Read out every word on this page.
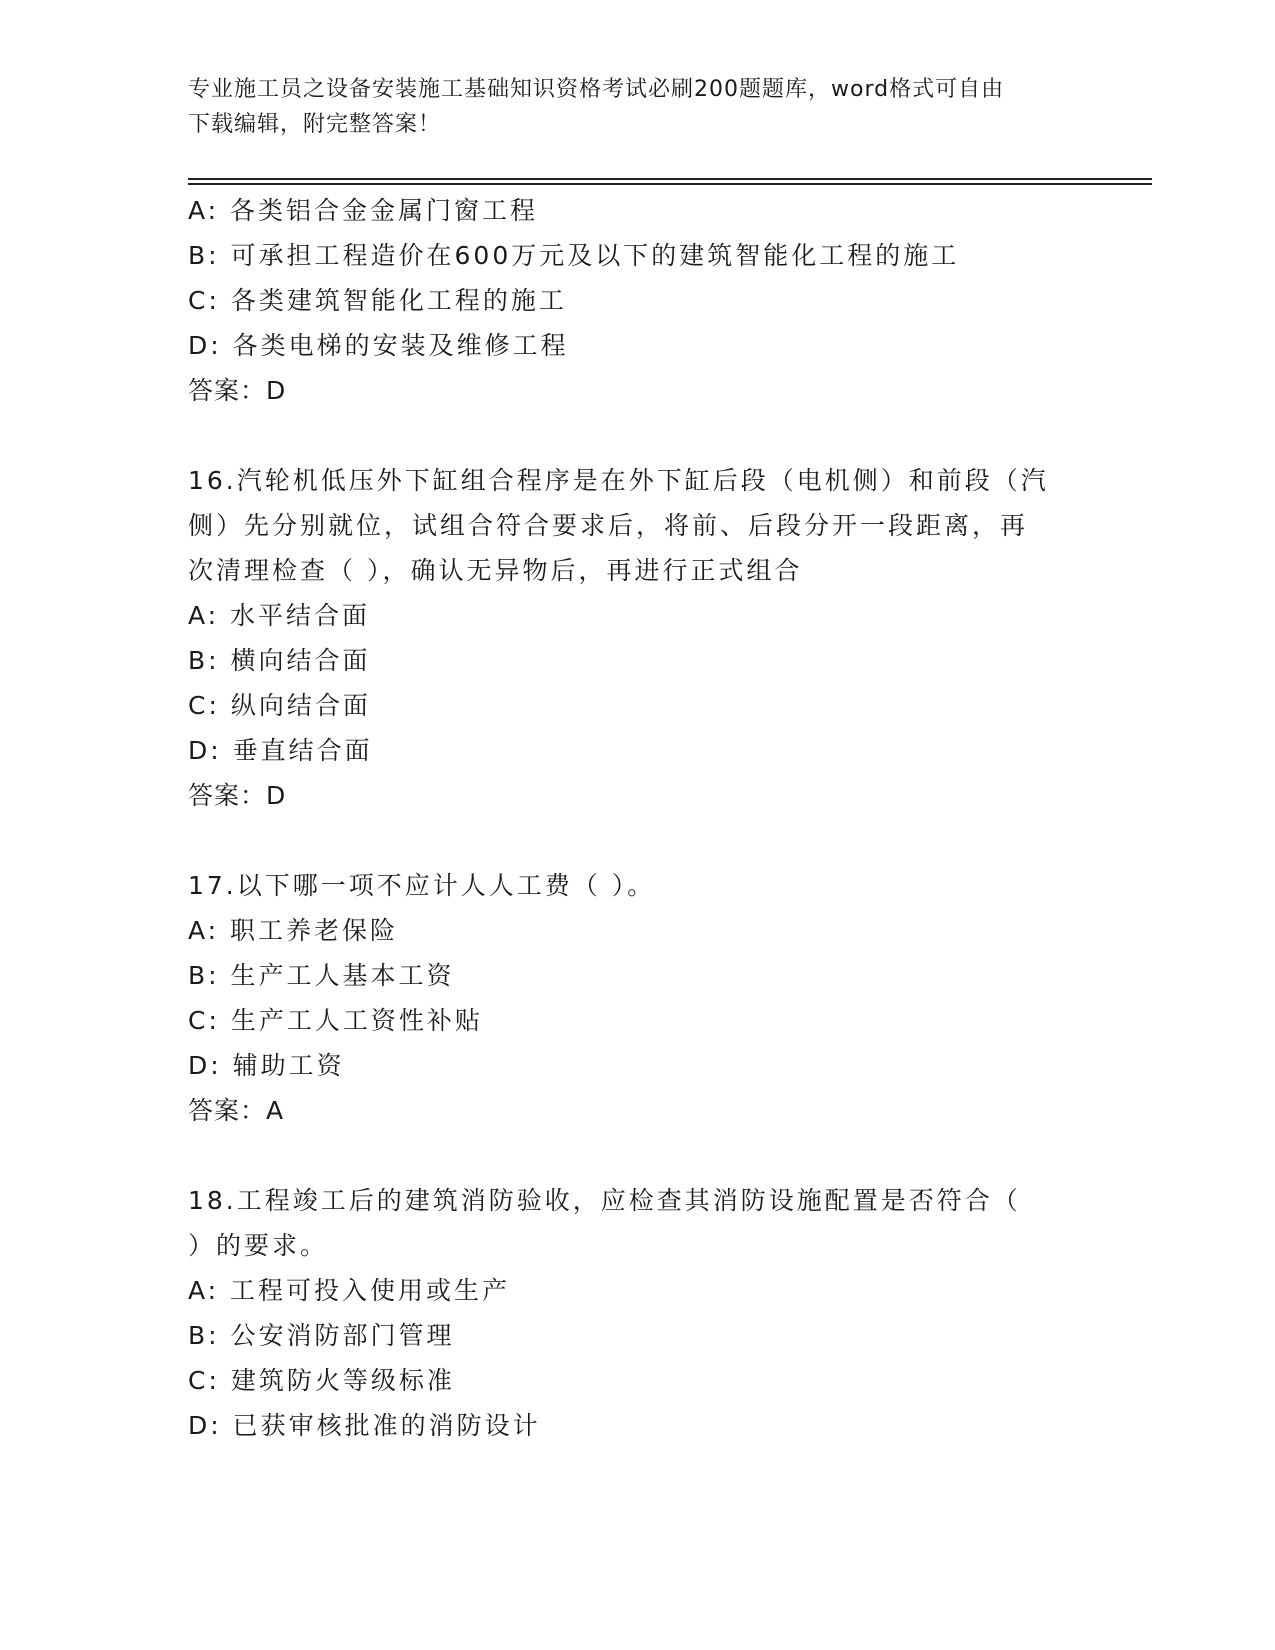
专业施工员之设备安装施工基础知识资格考试必刷200题题库，word格式可自由
下载编辑，附完整答案！
A: 各类铝合金金属门窗工程
B: 可承担工程造价在600万元及以下的建筑智能化工程的施工
C: 各类建筑智能化工程的施工
D: 各类电梯的安装及维修工程
答案：D
16.汽轮机低压外下缸组合程序是在外下缸后段（电机侧）和前段（汽
侧）先分别就位，试组合符合要求后，将前、后段分开一段距离，再
次清理检查（ ），确认无异物后，再进行正式组合
A: 水平结合面
B: 横向结合面
C: 纵向结合面
D: 垂直结合面
答案：D
17.以下哪一项不应计人人工费（ ）。
A: 职工养老保险
B: 生产工人基本工资
C: 生产工人工资性补贴
D: 辅助工资
答案：A
18.工程竣工后的建筑消防验收，应检查其消防设施配置是否符合（
）的要求。
A: 工程可投入使用或生产
B: 公安消防部门管理
C: 建筑防火等级标准
D: 已获审核批准的消防设计
